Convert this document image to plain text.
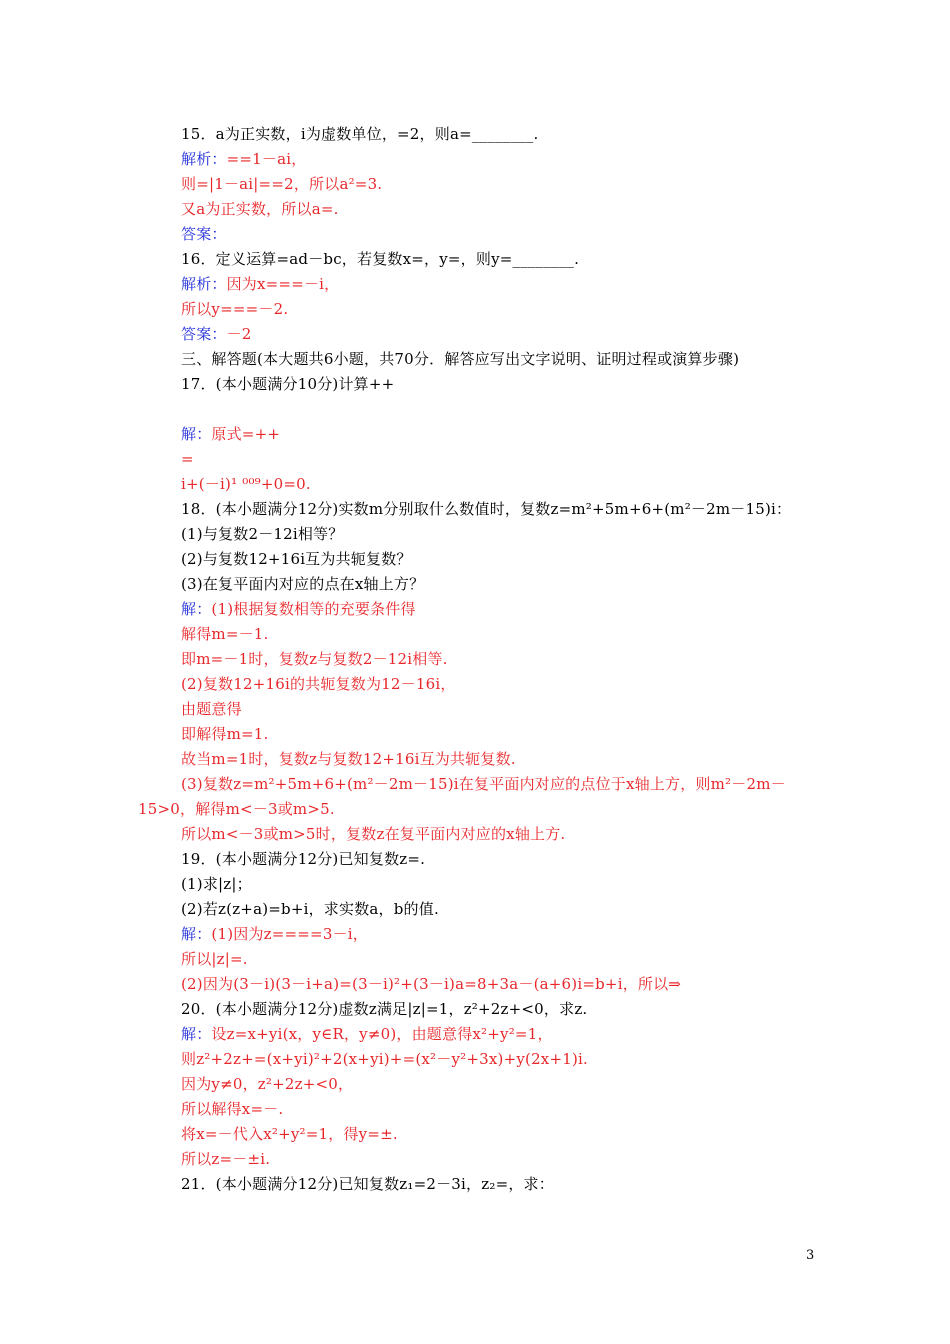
15．a为正实数，i为虚数单位，=2，则a=________.
解析：==1－ai，
则=|1－ai|==2，所以a²=3.
又a为正实数，所以a=.
答案：
16．定义运算=ad－bc，若复数x=，y=，则y=________.
解析：因为x===－i，
所以y===－2.
答案：－2
三、解答题(本大题共6小题，共70分．解答应写出文字说明、证明过程或演算步骤)
17．(本小题满分10分)计算++
解：原式=++
=
i+(－i)¹ ⁰⁰⁹+0=0.
18．(本小题满分12分)实数m分别取什么数值时，复数z=m²+5m+6+(m²－2m－15)i：
(1)与复数2－12i相等？
(2)与复数12+16i互为共轭复数？
(3)在复平面内对应的点在x轴上方？
解：(1)根据复数相等的充要条件得
解得m=－1.
即m=－1时，复数z与复数2－12i相等.
(2)复数12+16i的共轭复数为12－16i，
由题意得
即解得m=1.
故当m=1时，复数z与复数12+16i互为共轭复数.
(3)复数z=m²+5m+6+(m²－2m－15)i在复平面内对应的点位于x轴上方，则m²－2m－
15>0，解得m<－3或m>5.
所以m<－3或m>5时，复数z在复平面内对应的x轴上方.
19．(本小题满分12分)已知复数z=.
(1)求|z|；
(2)若z(z+a)=b+i，求实数a，b的值.
解：(1)因为z====3－i，
所以|z|=.
(2)因为(3－i)(3－i+a)=(3－i)²+(3－i)a=8+3a－(a+6)i=b+i，所以⇒
20．(本小题满分12分)虚数z满足|z|=1，z²+2z+<0，求z.
解：设z=x+yi(x，y∈R，y≠0)，由题意得x²+y²=1，
则z²+2z+=(x+yi)²+2(x+yi)+=(x²－y²+3x)+y(2x+1)i.
因为y≠0，z²+2z+<0，
所以解得x=－.
将x=－代入x²+y²=1，得y=±.
所以z=－±i.
21．(本小题满分12分)已知复数z₁=2－3i，z₂=，求：
3
